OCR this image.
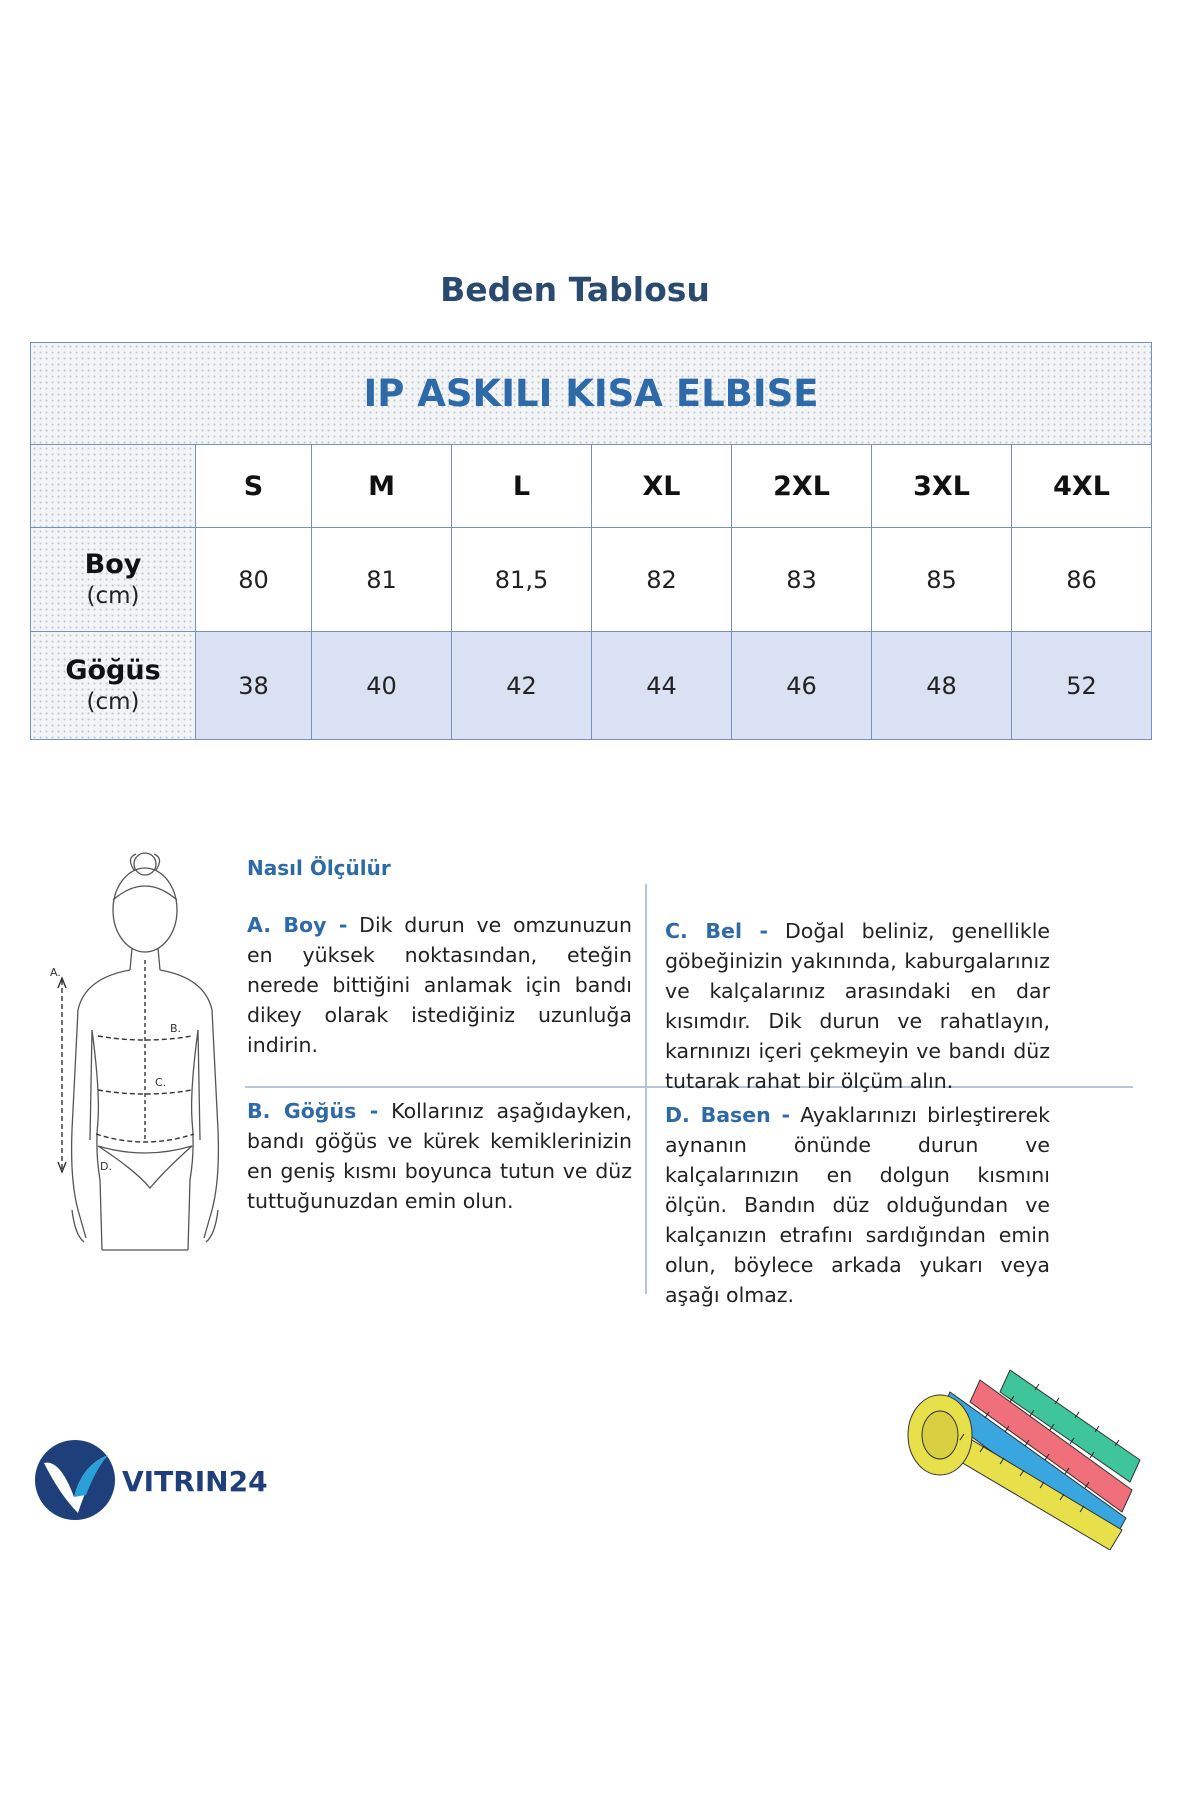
Beden Tablosu
IP ASKILI KISA ELBISE							
	S	M	L	XL	2XL	3XL	4XL

Boy
(cm)	80	81	81,5	82	83	85	86

Göğüs
(cm)	38	40	42	44	46	48	52
A.
B.
C.
D.
Nasıl Ölçülür
A. Boy - Dik durun ve omzunuzun en yüksek noktasından, eteğin nerede bittiğini anlamak için bandı dikey olarak istediğiniz uzunluğa indirin.
B. Göğüs - Kollarınız aşağıdayken, bandı göğüs ve kürek kemiklerinizin en geniş kısmı boyunca tutun ve düz tuttuğunuzdan emin olun.
C. Bel - Doğal beliniz, genellikle göbeğinizin yakınında, kaburgalarınız ve kalçalarınız arasındaki en dar kısımdır. Dik durun ve rahatlayın, karnınızı içeri çekmeyin ve bandı düz tutarak rahat bir ölçüm alın.
D. Basen - Ayaklarınızı birleştirerek aynanın önünde durun ve kalçalarınızın en dolgun kısmını ölçün. Bandın düz olduğundan ve kalçanızın etrafını sardığından emin olun, böylece arkada yukarı veya aşağı olmaz.
VITRIN24
